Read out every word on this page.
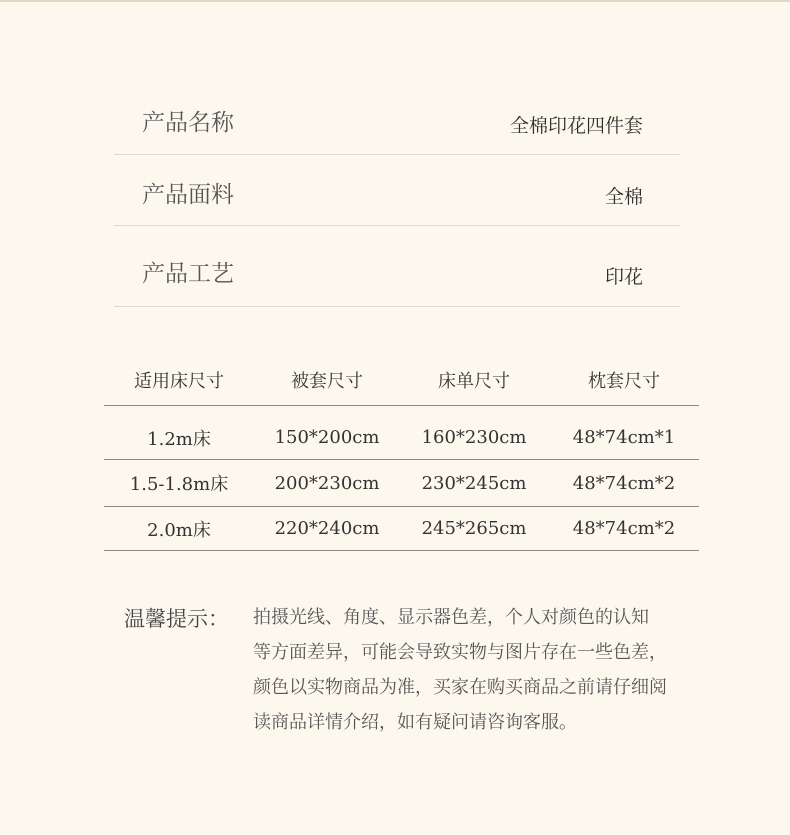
产品名称	全棉印花四件套
产品面料	全棉
产品工艺	印花
适用床尺寸	被套尺寸	床单尺寸	枕套尺寸
1.2m床	150*200cm	160*230cm	48*74cm*1
1.5-1.8m床	200*230cm	230*245cm	48*74cm*2
2.0m床	220*240cm	245*265cm	48*74cm*2
温馨提示： 拍摄光线、角度、显示器色差，个人对颜色的认知
等方面差异，可能会导致实物与图片存在一些色差，
颜色以实物商品为准，买家在购买商品之前请仔细阅
读商品详情介绍，如有疑问请咨询客服。
